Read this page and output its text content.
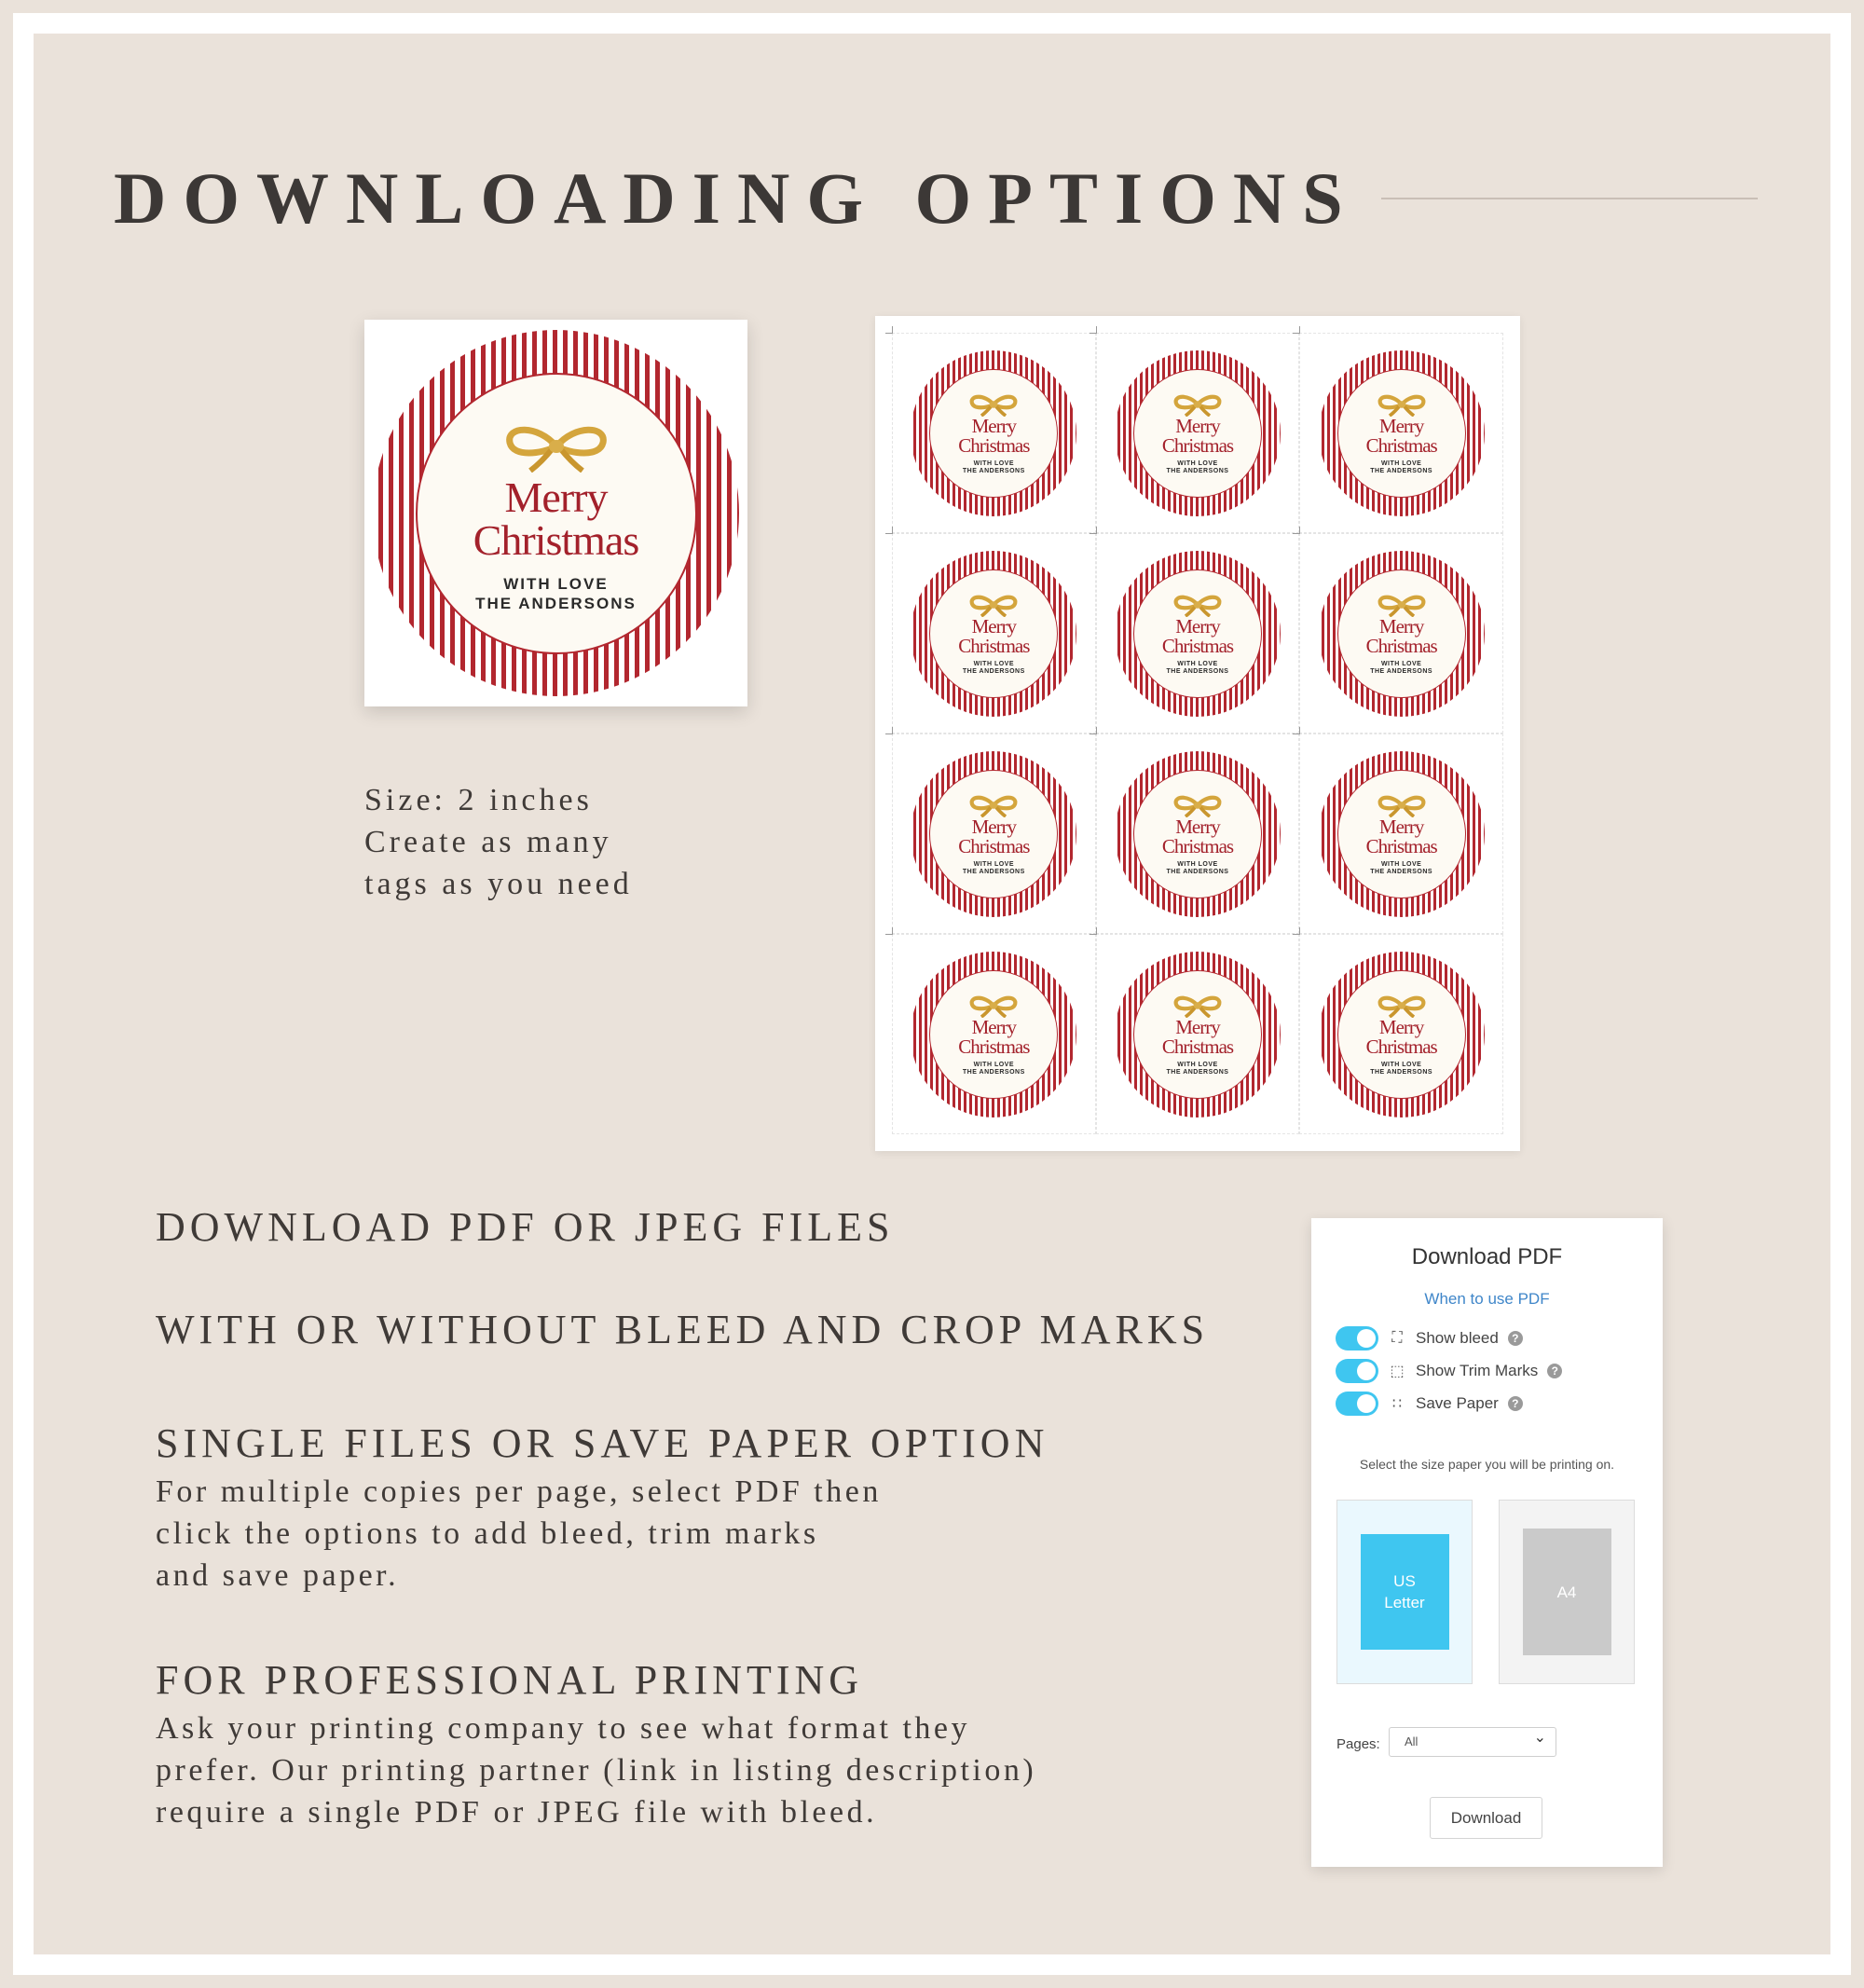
DOWNLOADING OPTIONS
Merry
Christmas
WITH LOVE
THE ANDERSONS
Size: 2 inches
Create as many
tags as you need
Merry
Christmas
WITH LOVE
THE ANDERSONS
Merry
Christmas
WITH LOVE
THE ANDERSONS
Merry
Christmas
WITH LOVE
THE ANDERSONS
Merry
Christmas
WITH LOVE
THE ANDERSONS
Merry
Christmas
WITH LOVE
THE ANDERSONS
Merry
Christmas
WITH LOVE
THE ANDERSONS
Merry
Christmas
WITH LOVE
THE ANDERSONS
Merry
Christmas
WITH LOVE
THE ANDERSONS
Merry
Christmas
WITH LOVE
THE ANDERSONS
Merry
Christmas
WITH LOVE
THE ANDERSONS
Merry
Christmas
WITH LOVE
THE ANDERSONS
Merry
Christmas
WITH LOVE
THE ANDERSONS
DOWNLOAD PDF OR JPEG FILES
WITH OR WITHOUT BLEED AND CROP MARKS
SINGLE FILES OR SAVE PAPER OPTION

For multiple copies per page, select PDF then

click the options to add bleed, trim marks

and save paper.

FOR PROFESSIONAL PRINTING

Ask your printing company to see what format they

prefer. Our printing partner (link in listing description)

require a single PDF or JPEG file with bleed.

Download PDF
When to use PDF
⛶ Show bleed	?
⬚ Show Trim Marks	?
∷ Save Paper	?
Select the size paper you will be printing on.
US
Letter
A4
Pages:	All ⌄
Download
